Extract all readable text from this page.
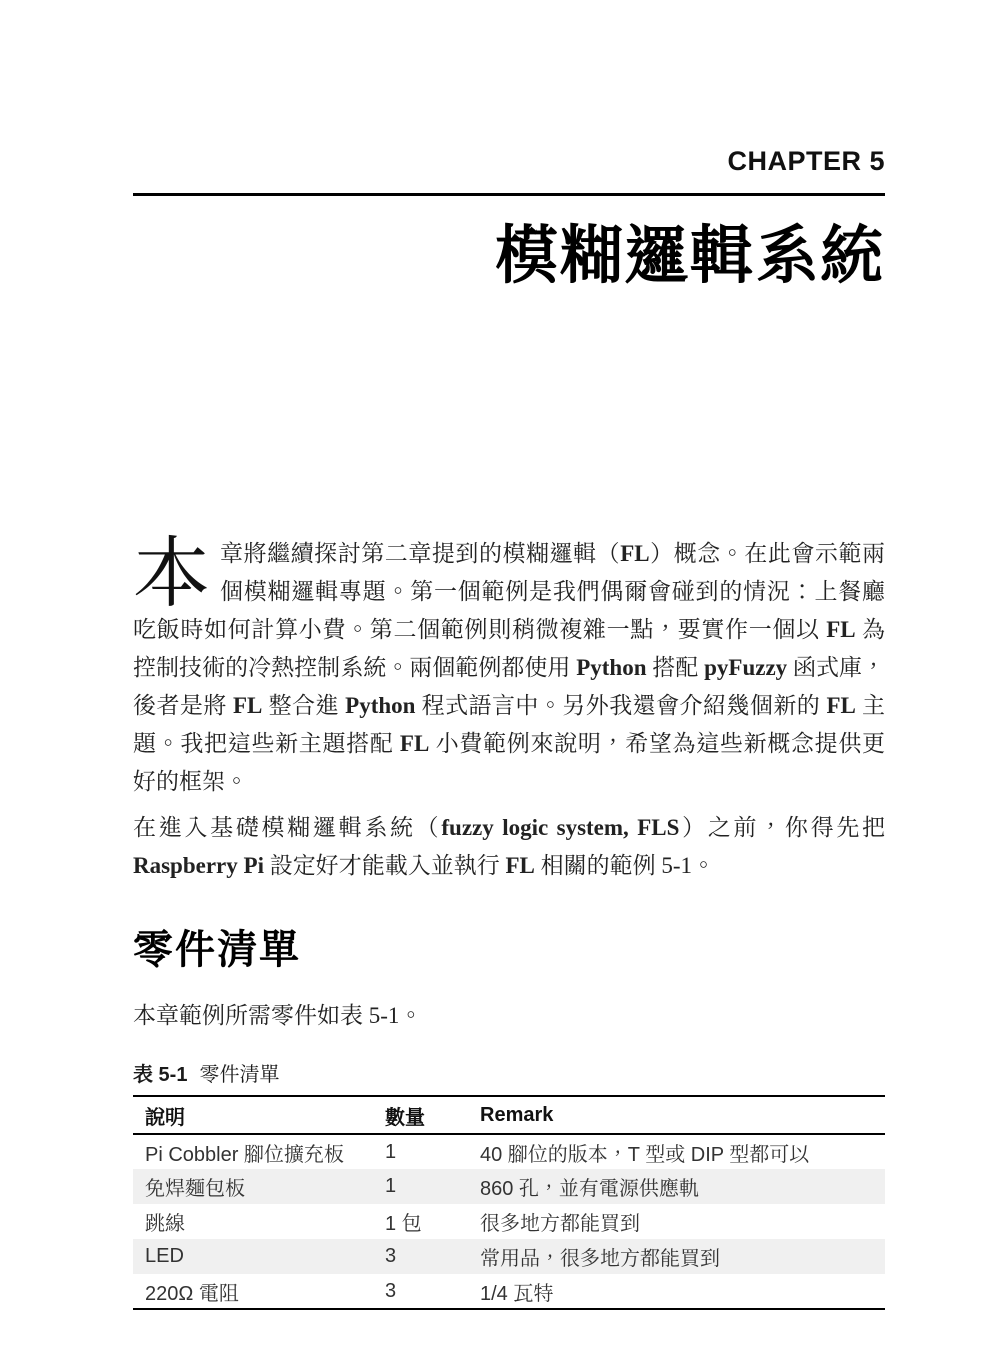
CHAPTER 5
模糊邏輯系統

本章將繼續探討第二章提到的模糊邏輯（FL）概念。在此會示範兩個模糊邏輯專題。第一個範例是我們偶爾會碰到的情況：上餐廳吃飯時如何計算小費。第二個範例則稍微複雜一點，要實作一個以 FL 為控制技術的冷熱控制系統。兩個範例都使用 Python 搭配 pyFuzzy 函式庫，後者是將 FL 整合進 Python 程式語言中。另外我還會介紹幾個新的 FL 主題。我把這些新主題搭配 FL 小費範例來說明，希望為這些新概念提供更好的框架。

在進入基礎模糊邏輯系統（fuzzy logic system, FLS）之前，你得先把 Raspberry Pi 設定好才能載入並執行 FL 相關的範例 5-1。

零件清單

本章範例所需零件如表 5-1。

表 5-1 零件清單
說明	數量	Remark
Pi Cobbler 腳位擴充板	1	40 腳位的版本，T 型或 DIP 型都可以
免焊麵包板	1	860 孔，並有電源供應軌
跳線	1 包	很多地方都能買到
LED	3	常用品，很多地方都能買到
220Ω 電阻	3	1/4 瓦特
